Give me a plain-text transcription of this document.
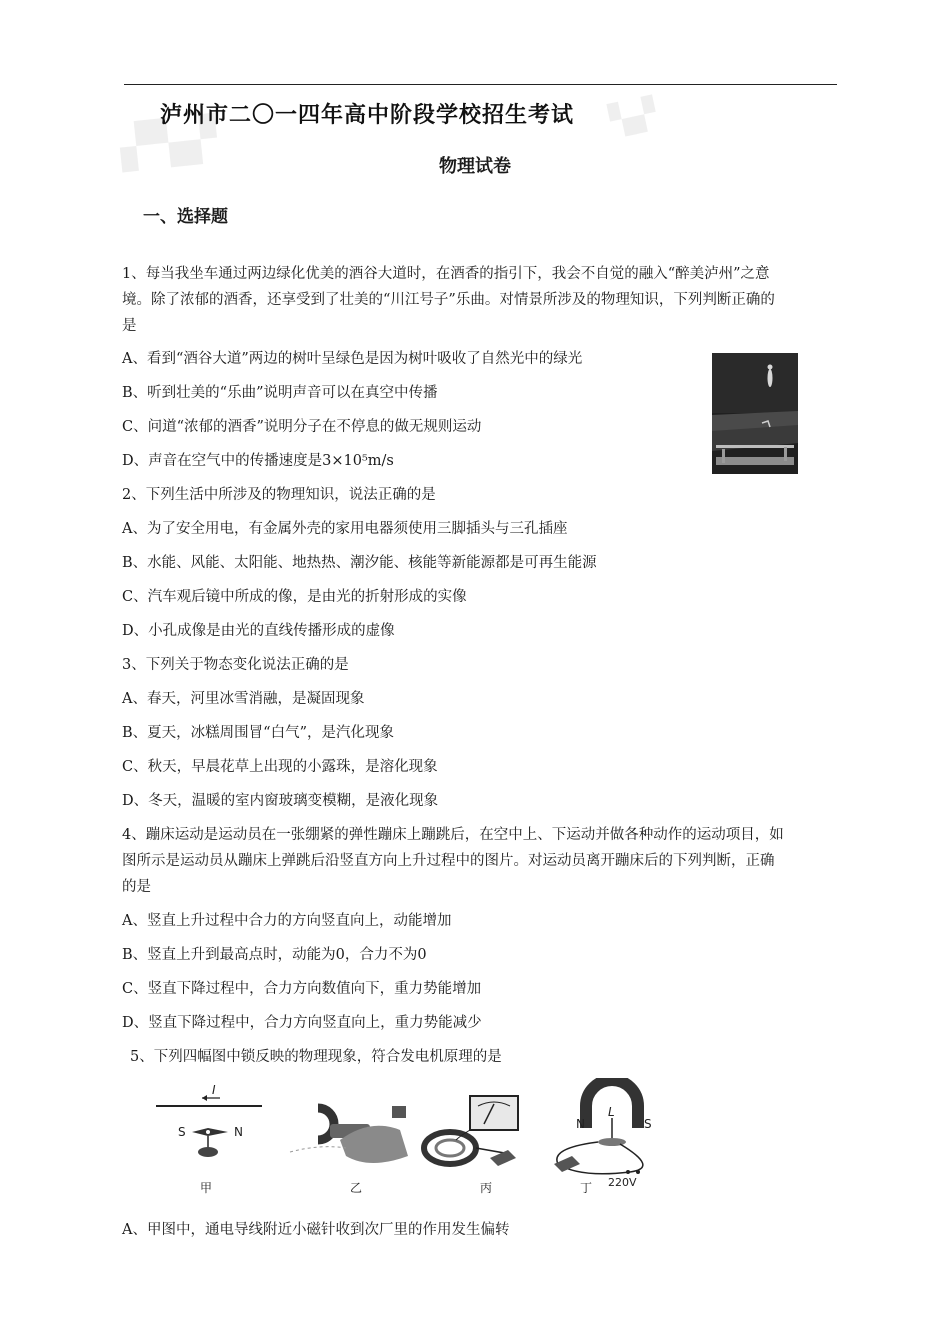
▞▚▞	▚▞
泸州市二〇一四年高中阶段学校招生考试
物理试卷
一、选择题
1、每当我坐车通过两边绿化优美的酒谷大道时，在酒香的指引下，我会不自觉的融入“醉美泸州”之意
境。除了浓郁的酒香，还享受到了壮美的“川江号子”乐曲。对情景所涉及的物理知识，下列判断正确的
是
A、看到“酒谷大道”两边的树叶呈绿色是因为树叶吸收了自然光中的绿光
B、听到壮美的“乐曲”说明声音可以在真空中传播
C、问道“浓郁的酒香”说明分子在不停息的做无规则运动
D、声音在空气中的传播速度是3×10⁵m/s
2、下列生活中所涉及的物理知识，说法正确的是
A、为了安全用电，有金属外壳的家用电器须使用三脚插头与三孔插座
B、水能、风能、太阳能、地热热、潮汐能、核能等新能源都是可再生能源
C、汽车观后镜中所成的像，是由光的折射形成的实像
D、小孔成像是由光的直线传播形成的虚像
3、下列关于物态变化说法正确的是
A、春天，河里冰雪消融，是凝固现象
B、夏天，冰糕周围冒“白气”，是汽化现象
C、秋天，早晨花草上出现的小露珠，是溶化现象
D、冬天，温暖的室内窗玻璃变模糊，是液化现象
4、蹦床运动是运动员在一张绷紧的弹性蹦床上蹦跳后，在空中上、下运动并做各种动作的运动项目，如
图所示是运动员从蹦床上弹跳后沿竖直方向上升过程中的图片。对运动员离开蹦床后的下列判断，正确
的是
A、竖直上升过程中合力的方向竖直向上，动能增加
B、竖直上升到最高点时，动能为0，合力不为0
C、竖直下降过程中，合力方向数值向下，重力势能增加
D、竖直下降过程中，合力方向竖直向上，重力势能减少
5、下列四幅图中锁反映的物理现象，符合发电机原理的是
I
S	N
甲	乙	丙
N	S
L
220V
丁
A、甲图中，通电导线附近小磁针收到次厂里的作用发生偏转
